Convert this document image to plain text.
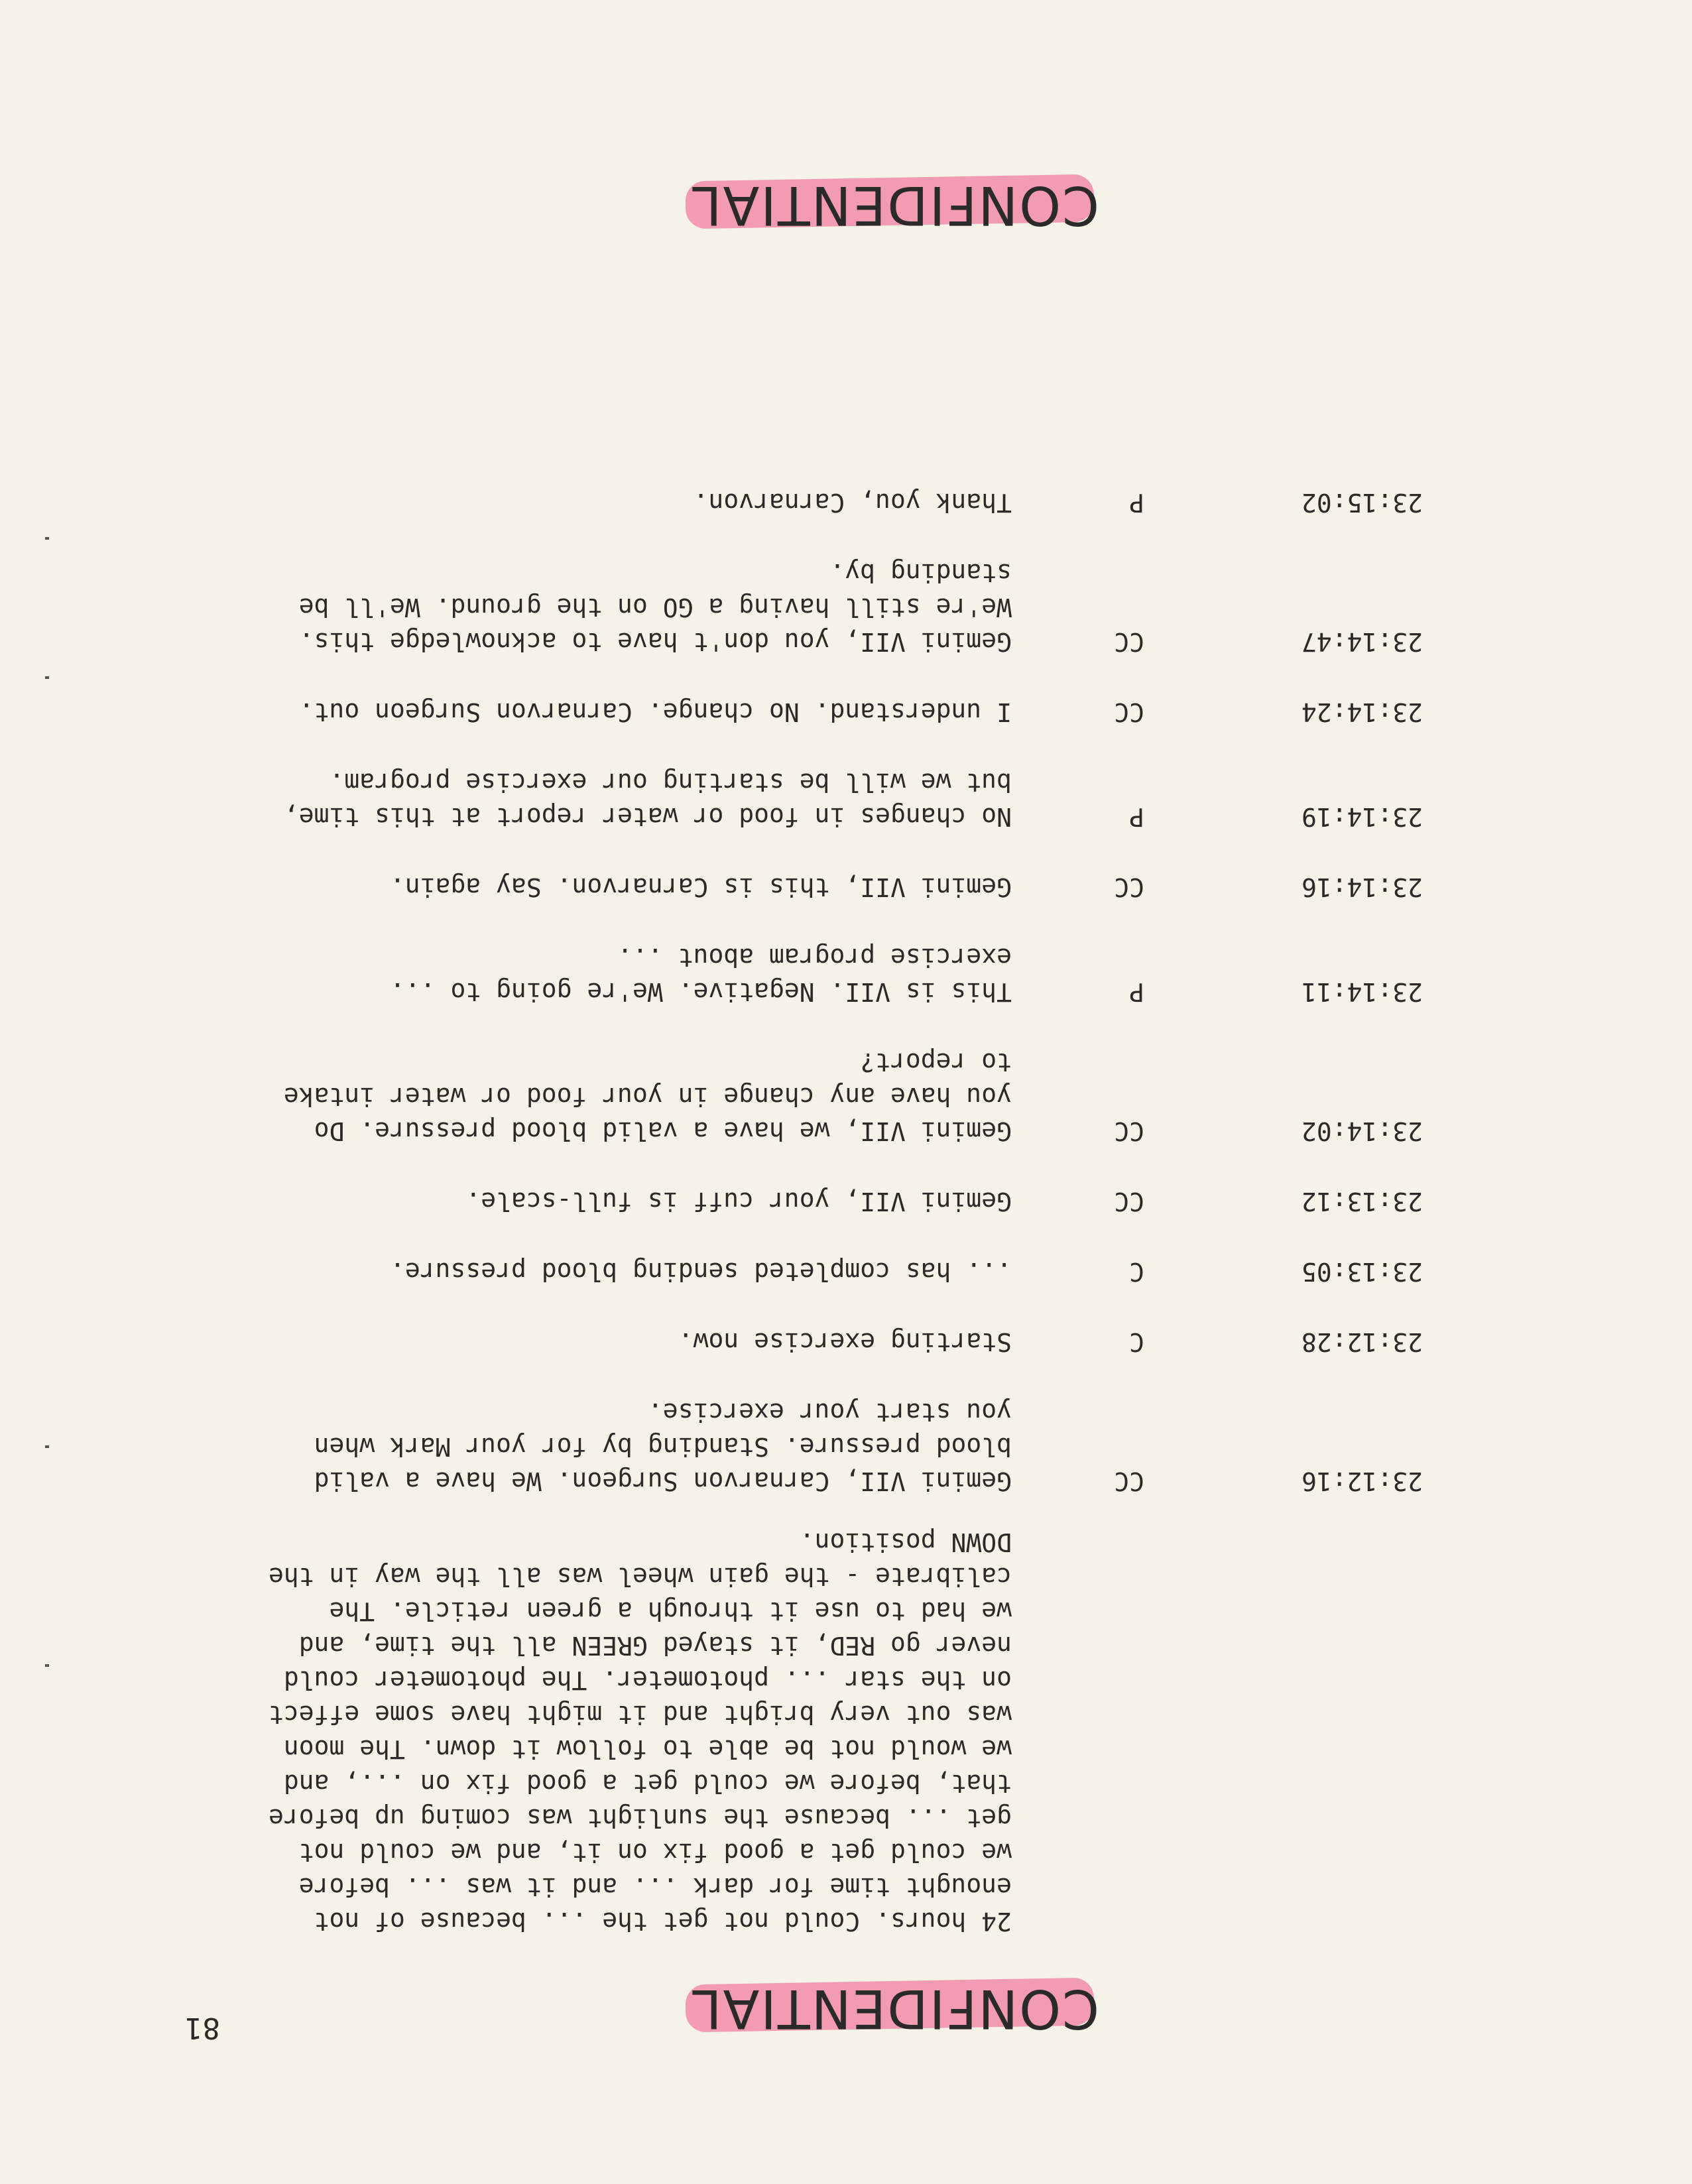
CONFIDENTIAL
81
24 hours. Could not get the ... because of not
enought time for dark ... and it was ... before
we could get a good fix on it, and we could not
get ... because the sunlight was coming up before
that, before we could get a good fix on ..., and
we would not be able to follow it down. The moon
was out very bright and it might have some effect
on the star ... photometer. The photometer could
never go RED, it stayed GREEN all the time, and
we had to use it through a green reticle. The
calibrate - the gain wheel was all the way in the
DOWN position.
23:12:16
CC
Gemini VII, Carnarvon Surgeon. We have a valid
blood pressure. Standing by for your Mark when
you start your exercise.
23:12:28
C
Starting exercise now.
23:13:05
C
... has completed sending blood pressure.
23:13:12
CC
Gemini VII, your cuff is full-scale.
23:14:02
CC
Gemini VII, we have a valid blood pressure. Do
you have any change in your food or water intake
to report?
23:14:11
P
This is VII. Negative. We're going to ...
exercise program about ...
23:14:16
CC
Gemini VII, this is Carnarvon. Say again.
23:14:19
P
No changes in food or water report at this time,
but we will be starting our exercise program.
23:14:24
CC
I understand. No change. Carnarvon Surgeon out.
23:14:47
CC
Gemini VII, you don't have to acknowledge this.
We're still having a GO on the ground. We'll be
standing by.
23:15:02
P
Thank you, Carnarvon.
CONFIDENTIAL
